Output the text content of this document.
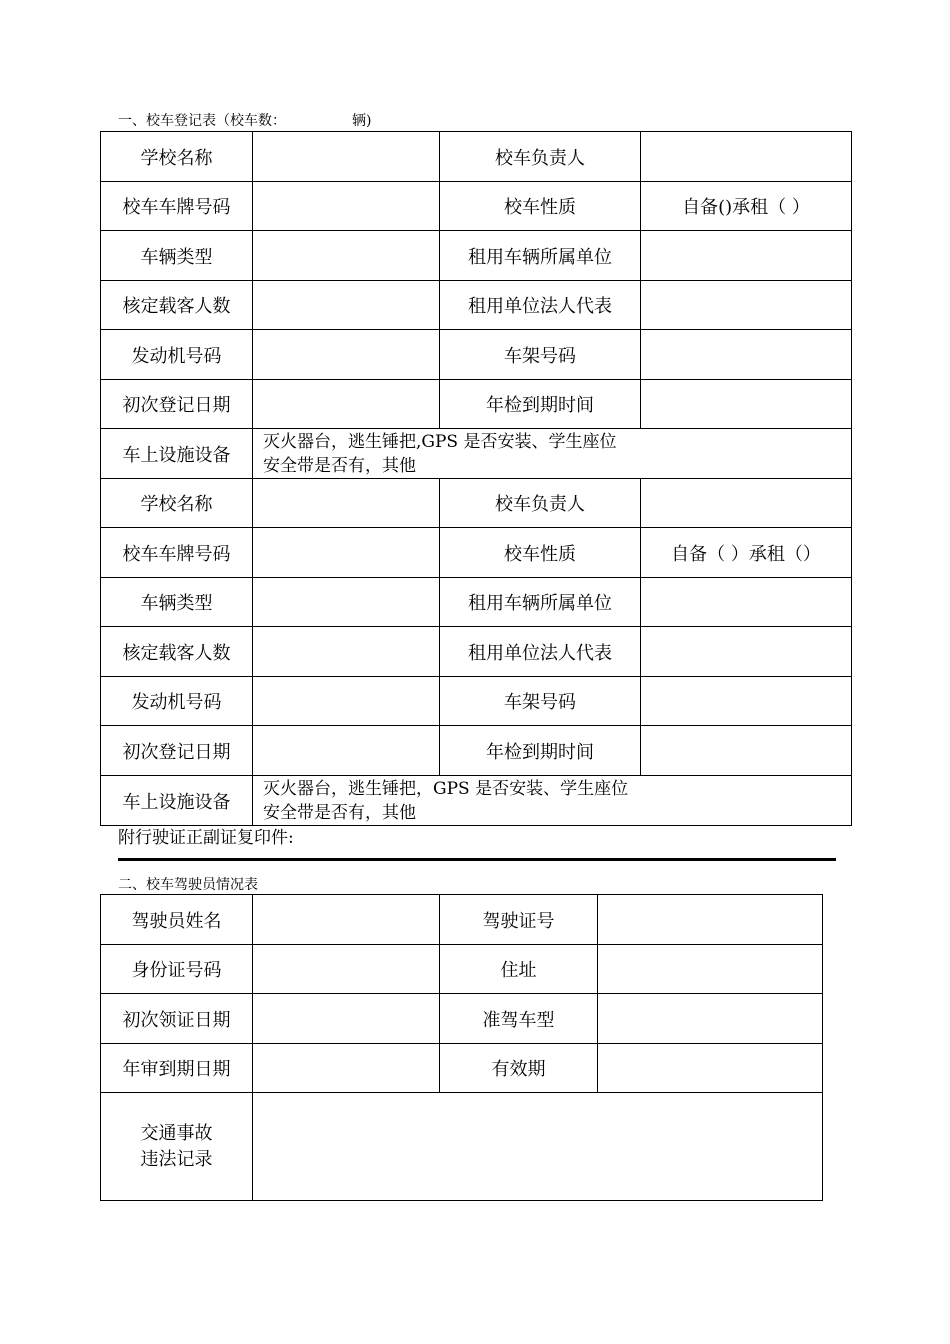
一、校车登记表（校车数：	辆)
学校名称		校车负责人	
校车车牌号码		校车性质	自备()承租（ ）
车辆类型		租用车辆所属单位	
核定载客人数		租用单位法人代表	
发动机号码		车架号码	
初次登记日期		年检到期时间	
车上设施设备	灭火器台，逃生锤把,GPS 是否安装、学生座位
安全带是否有，其他		

学校名称		校车负责人	
校车车牌号码		校车性质	自备（ ）承租（）
车辆类型		租用车辆所属单位	
核定载客人数		租用单位法人代表	
发动机号码		车架号码	
初次登记日期		年检到期时间	
车上设施设备	灭火器台，逃生锤把，GPS 是否安装、学生座位
安全带是否有，其他		
附行驶证正副证复印件:
二、校车驾驶员情况表
驾驶员姓名		驾驶证号	
身份证号码		住址	
初次领证日期		准驾车型	
年审到期日期		有效期	

交通事故
违法记录			
